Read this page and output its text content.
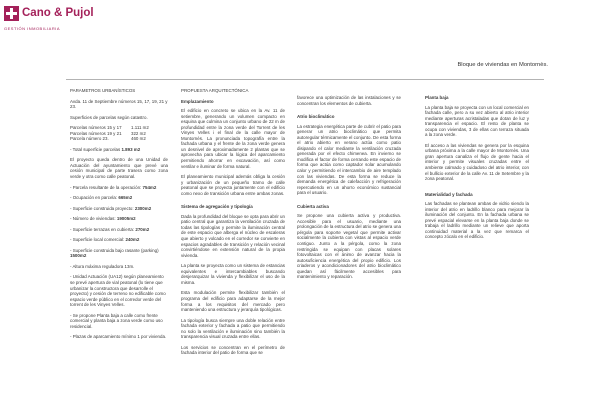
Cano & Pujol
GESTIÓN INMOBILIARIA
Bloque de viviendas en Montornès.

PARAMETROS URBANÍSTICOS

Avda. 11 de Septiembre números 15, 17, 19, 21 y 23.

Superficies de parcelas según catastro.

Parcelas números 15 y 17	1.111 m2
Parcelas números 19 y 21	322 m2
Parcela número 23.	460 m2

- Total superficie parcelas 1.893 m2

El proyecto queda dentro de una Unidad de Actuación del ayuntamiento que prevé una cesión municipal de parte trasera como zona verde y otra como calle peatonal.

- Parcela resultante de la operación: 754m2

- Ocupación en parcela: 665m2

- Superficie construida proyecto: 2300m2

- Número de viviendas: 19005m2

- Superficie terrazas en cubierta: 270m2

- Superficie local comercial: 240m2

- Superficie construida bajo rasante (parking) 1500m2

- Altura máxima reguladora 13m.

- Unidad Actuación (UA12) según planeamiento se prevé apertura de vial peatonal (lo tiene que urbanizar la constructora que desarrolle el proyecto) y cesión de terreno no edificable como espacio verde público en el corredor verde del torrent de les Vinyes Velles.

- Se propone Planta baja a calle como frente comercial y planta baja a zona verde como uso residencial.

- Plazas de aparcamiento mínimo 1 por vivienda.

PROPUESTA ARQUITECTÓNICA

Emplazamiento

El edificio en concreto se ubica en la Av. 11 de setiembre, generando un volumen compacto en esquina que culmina un conjunto urbano de 22 m de profundidad entre la zona verde del Torrent de les Vinyes Velles i el final de la calle mayor de Montornès. La pronunciada topografía entre la fachada urbana y el frente de la zona verde genera un desnivel de aproximadamente 2 plantas que se aprovecha para ubicar la lógica del aparcamiento permitiendo ahorrar en excavación, así como ventilar e iluminar de forma natural.

El planeamiento municipal además obliga la cesión y urbanización de un pequeño tramo de calle peatonal que se proyecta juntamente con el edificio como nexo de transición urbana entre ambas zonas.

Sistema de agregación y tipología

Dada la profundidad del bloque se opta para abrir un patio central que garantiza la ventilación cruzada de todas las tipologías y permite la iluminación central de este espacio que alberga el núcleo de escaleras que abierto y volcado en el corredor se convierte en espacios agradables de transición y relación vecinal convirtiéndose en extensión natural de la propia vivienda.

La planta se proyecta como un sistema de estancias equivalentes e intercambiables buscando desjerarquizar la vivienda y flexibilizar el uso de la misma.

Esta modulación permite flexibilizar también el programa del edificio para adaptarse de la mejor forma a los requisitos del mercado pero manteniendo una estructura y jerarquía tipológicas.

La tipología busca siempre una doble relación entre fachada exterior y fachada a patio que permitiendo no solo la ventilación e iluminación sino también la transparencia visual cruzada entre ellas.

Los servicios se concentran en el perímetro de fachada interior del patio de forma que se

favorece una optimización de las instalaciones y se concentran los elementos de cubierta.

Atrio bioclimático

La estrategia energética parte de cubrir el patio para generar un atrio bioclimático que permita autoregular térmicamente el conjunto. De esta forma el atrio abierto en verano actúa como patio disipando el calor mediante la ventilación cruzada generada por el efecto chimenea. En invierno se modifica el factor de forma cerrando este espacio de forma que actúa como captador solar acumulando calor y permitiendo el intercambio de aire templado con las viviendas. De esta forma se reduce la demanda energética de calefacción y refrigeración repercutiendo en un ahorro económico sustancial para el usuario.

Cubierta activa

Se propone una cubierta activa y productiva. Accesible para el usuario, mediante una prolongación de la estructura del atrio se genera una pérgola para soporte vegetal que permite activar socialmente la cubierta con vistas al espacio verde contiguo. Junto a la pérgola, como la zona restringida se equipan con placas solares fotovoltaicas con el ánimo de avanzar hacia la autosuficiencia energética del propio edificio. Los criaderos y acondicionadores del atrio bioclimático quedan así fácilmente accesibles para mantenimiento y reparación.

Planta baja

La planta baja se proyecta con un local comercial en fachada calle, pero a su vez abierto al atrio interior mediante aperturas acristaladas que dotan de luz y transparencia el espacio. El resto de planta se ocupa con viviendas, 3 de ellas con terraza situada a la zona verde.

El acceso a las viviendas se genera por la esquina urbana próxima a la calle mayor de Montornès. Una gran apertura canaliza el flujo de gente hacia el interior y permite visuales cruzadas entre el ambiente calmado y cuidadoso del atrio interior, con el bullicio exterior de la calle Av. 11 de Setembre y la zona peatonal.

Materialidad y fachada

Las fachadas se plantean ambas de vidrio siendo la interior del atrio en ladrillo blanco para mejorar la iluminación del conjunto. En la fachada urbana se prevé espacial elevarse en la planta baja donde se trabaja el ladrillo mediante un relieve que aporta continuidad material a la vez que remarca el concepto zócalo en el edificio.
